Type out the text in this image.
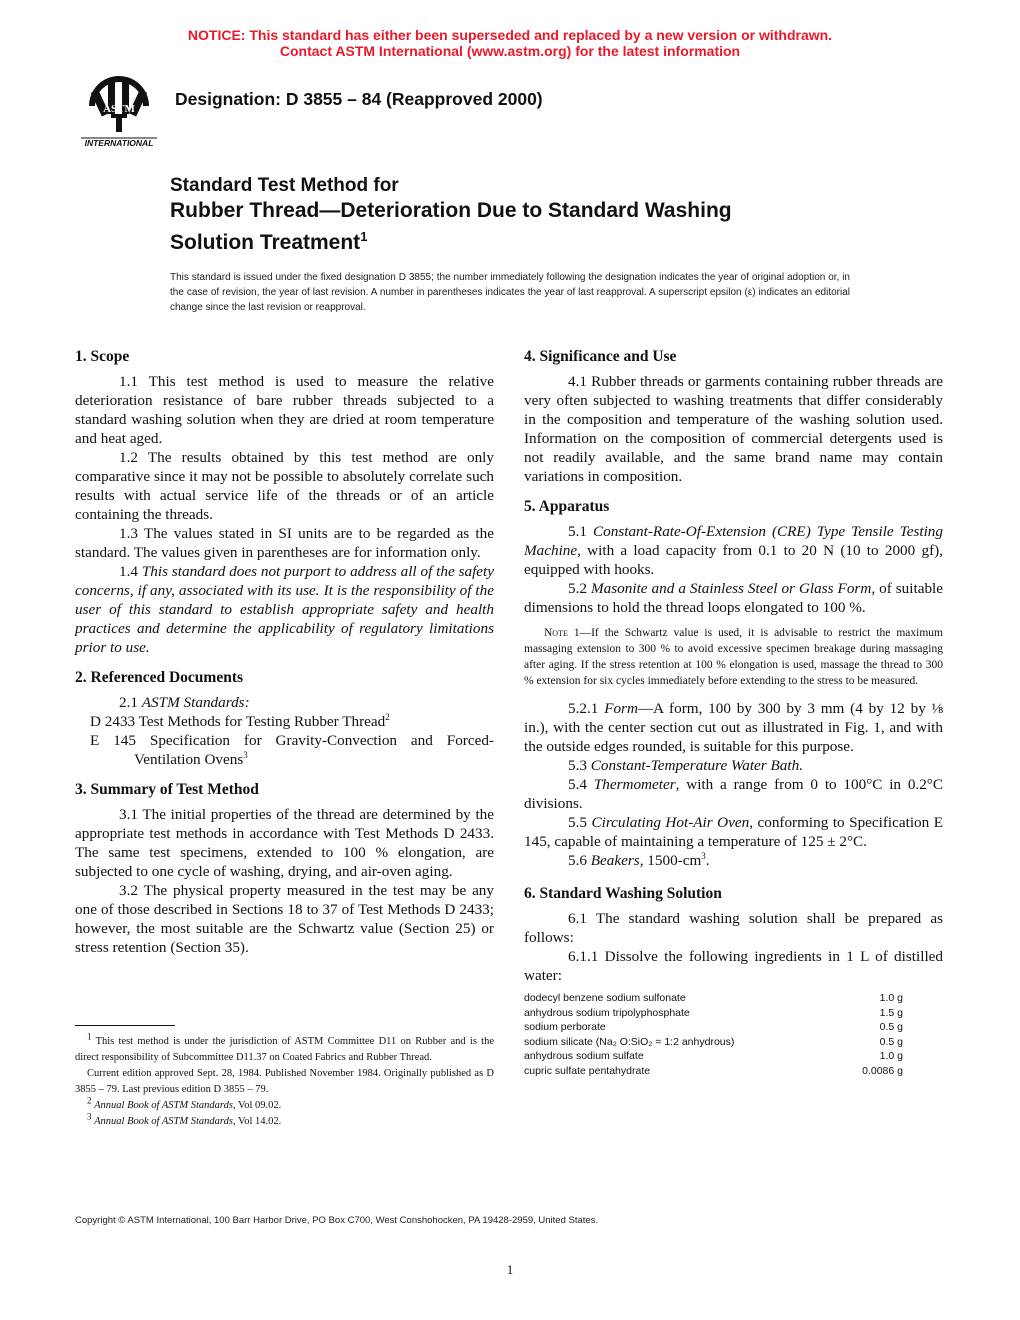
NOTICE: This standard has either been superseded and replaced by a new version or withdrawn.
Contact ASTM International (www.astm.org) for the latest information
ASTM
INTERNATIONAL
Designation: D 3855 – 84 (Reapproved 2000)
Standard Test Method for
Rubber Thread—Deterioration Due to Standard Washing
Solution Treatment$^1$
This standard is issued under the fixed designation D 3855; the number immediately following the designation indicates the year of original adoption or, in the case of revision, the year of last revision. A number in parentheses indicates the year of last reapproval. A superscript epsilon (ε) indicates an editorial change since the last revision or reapproval.
1. Scope

1.1 This test method is used to measure the relative deterioration resistance of bare rubber threads subjected to a standard washing solution when they are dried at room temperature and heat aged.

1.2 The results obtained by this test method are only comparative since it may not be possible to absolutely correlate such results with actual service life of the threads or of an article containing the threads.

1.3 The values stated in SI units are to be regarded as the standard. The values given in parentheses are for information only.

1.4 This standard does not purport to address all of the safety concerns, if any, associated with its use. It is the responsibility of the user of this standard to establish appropriate safety and health practices and determine the applicability of regulatory limitations prior to use.

2. Referenced Documents

2.1 ASTM Standards:

D 2433 Test Methods for Testing Rubber Thread$^2$

E 145 Specification for Gravity-Convection and Forced-Ventilation Ovens$^3$

3. Summary of Test Method

3.1 The initial properties of the thread are determined by the appropriate test methods in accordance with Test Methods D 2433. The same test specimens, extended to 100 % elongation, are subjected to one cycle of washing, drying, and air-oven aging.

3.2 The physical property measured in the test may be any one of those described in Sections 18 to 37 of Test Methods D 2433; however, the most suitable are the Schwartz value (Section 25) or stress retention (Section 35).

$^1$ This test method is under the jurisdiction of ASTM Committee D11 on Rubber and is the direct responsibility of Subcommittee D11.37 on Coated Fabrics and Rubber Thread.

Current edition approved Sept. 28, 1984. Published November 1984. Originally published as D 3855 – 79. Last previous edition D 3855 – 79.

$^2$ Annual Book of ASTM Standards, Vol 09.02.

$^3$ Annual Book of ASTM Standards, Vol 14.02.

4. Significance and Use

4.1 Rubber threads or garments containing rubber threads are very often subjected to washing treatments that differ considerably in the composition and temperature of the washing solution used. Information on the composition of commercial detergents used is not readily available, and the same brand name may contain variations in composition.

5. Apparatus

5.1 Constant-Rate-Of-Extension (CRE) Type Tensile Testing Machine, with a load capacity from 0.1 to 20 N (10 to 2000 gf), equipped with hooks.

5.2 Masonite and a Stainless Steel or Glass Form, of suitable dimensions to hold the thread loops elongated to 100 %.

Note 1—If the Schwartz value is used, it is advisable to restrict the maximum massaging extension to 300 % to avoid excessive specimen breakage during massaging after aging. If the stress retention at 100 % elongation is used, massage the thread to 300 % extension for six cycles immediately before extending to the stress to be measured.

5.2.1 Form—A form, 100 by 300 by 3 mm (4 by 12 by ⅛ in.), with the center section cut out as illustrated in Fig. 1, and with the outside edges rounded, is suitable for this purpose.

5.3 Constant-Temperature Water Bath.

5.4 Thermometer, with a range from 0 to 100°C in 0.2°C divisions.

5.5 Circulating Hot-Air Oven, conforming to Specification E 145, capable of maintaining a temperature of 125 ± 2°C.

5.6 Beakers, 1500-cm$^3$.

6. Standard Washing Solution

6.1 The standard washing solution shall be prepared as follows:

6.1.1 Dissolve the following ingredients in 1 L of distilled water:

dodecyl benzene sodium sulfonate	1.0 g
anhydrous sodium tripolyphosphate	1.5 g
sodium perborate	0.5 g
sodium silicate (Na₂ O:SiO₂ = 1:2 anhydrous)	0.5 g
anhydrous sodium sulfate	1.0 g
cupric sulfate pentahydrate	0.0086 g
Copyright © ASTM International, 100 Barr Harbor Drive, PO Box C700, West Conshohocken, PA 19428-2959, United States.
1
